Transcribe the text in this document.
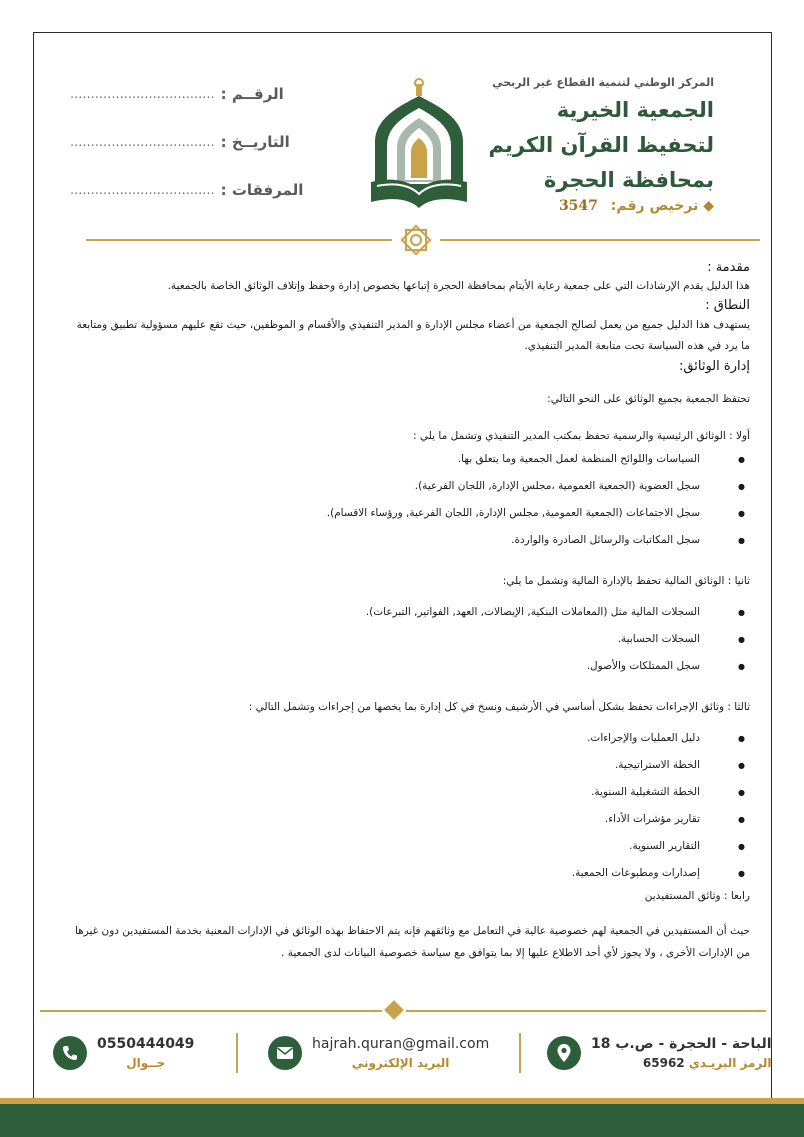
الرقــم :
...................................
التاريــخ :
...................................
المرفقات :
...................................
المركز الوطني لتنمية القطاع غير الربحي
الجمعية الخيرية
لتحفيظ القرآن الكريم
بمحافظة الحجرة
◆ ترخيص رقم: 3547
مقدمة :

هذا الدليل يقدم الإرشادات التي على جمعية رعاية الأيتام بمحافظة الحجرة إتباعها بخصوص إدارة وحفظ وإتلاف الوثائق الخاصة بالجمعية.

النطاق :

يستهدف هذا الدليل جميع من يعمل لصالح الجمعية من أعضاء مجلس الإدارة و المدير التنفيذي والأقسام و الموظفين، حيث تقع عليهم مسؤولية تطبيق ومتابعة

ما يرد في هذه السياسة تحت متابعة المدير التنفيذي.

إدارة الوثائق:

تحتفظ الجمعية بجميع الوثائق على النحو التالي:

أولا : الوثائق الرئيسية والرسمية تحفظ بمكتب المدير التنفيذي وتشمل ما يلي :

● السياسات واللوائح المنظمة لعمل الجمعية وما يتعلق بها.
● سجل العضوية (الجمعية العمومية ،مجلس الإدارة, اللجان الفرعية).
● سجل الاجتماعات (الجمعية العمومية, مجلس الإدارة, اللجان الفرعية, ورؤساء الاقسام).
● سجل المكاتبات والرسائل الصادرة والواردة.

ثانيا : الوثائق المالية تحفظ بالإدارة المالية وتشمل ما يلي:

● السجلات المالية مثل (المعاملات البنكية, الإيصالات, العهد, الفواتير, التبرعات).
● السجلات الحسابية.
● سجل الممتلكات والأصول.

ثالثا : وثائق الإجراءات تحفظ بشكل أساسي في الأرشيف ونسخ في كل إدارة بما يخصها من إجراءات وتشمل التالي :

● دليل العمليات والإجراءات.
● الخطة الاستراتيجية.
● الخطة التشغيلية السنوية.
● تقارير مؤشرات الأداء.
● التقارير السنوية.
● إصدارات ومطبوعات الجمعية.

رابعا : وثائق المستفيدين

حيث أن المستفيدين في الجمعية لهم خصوصية عالية في التعامل مع وثائقهم فإنه يتم الاحتفاظ بهذه الوثائق في الإدارات المعنية بخدمة المستفيدين دون غيرها

من الإدارات الأخرى ، ولا يجوز لأي أحد الاطلاع عليها إلا بما يتوافق مع سياسة خصوصية البيانات لدى الجمعية .

0550444049
جــوال
hajrah.quran@gmail.com
البريد الإلكتروني
الباحة - الحجرة - ص.ب 18
الرمز البريـدي 65962
